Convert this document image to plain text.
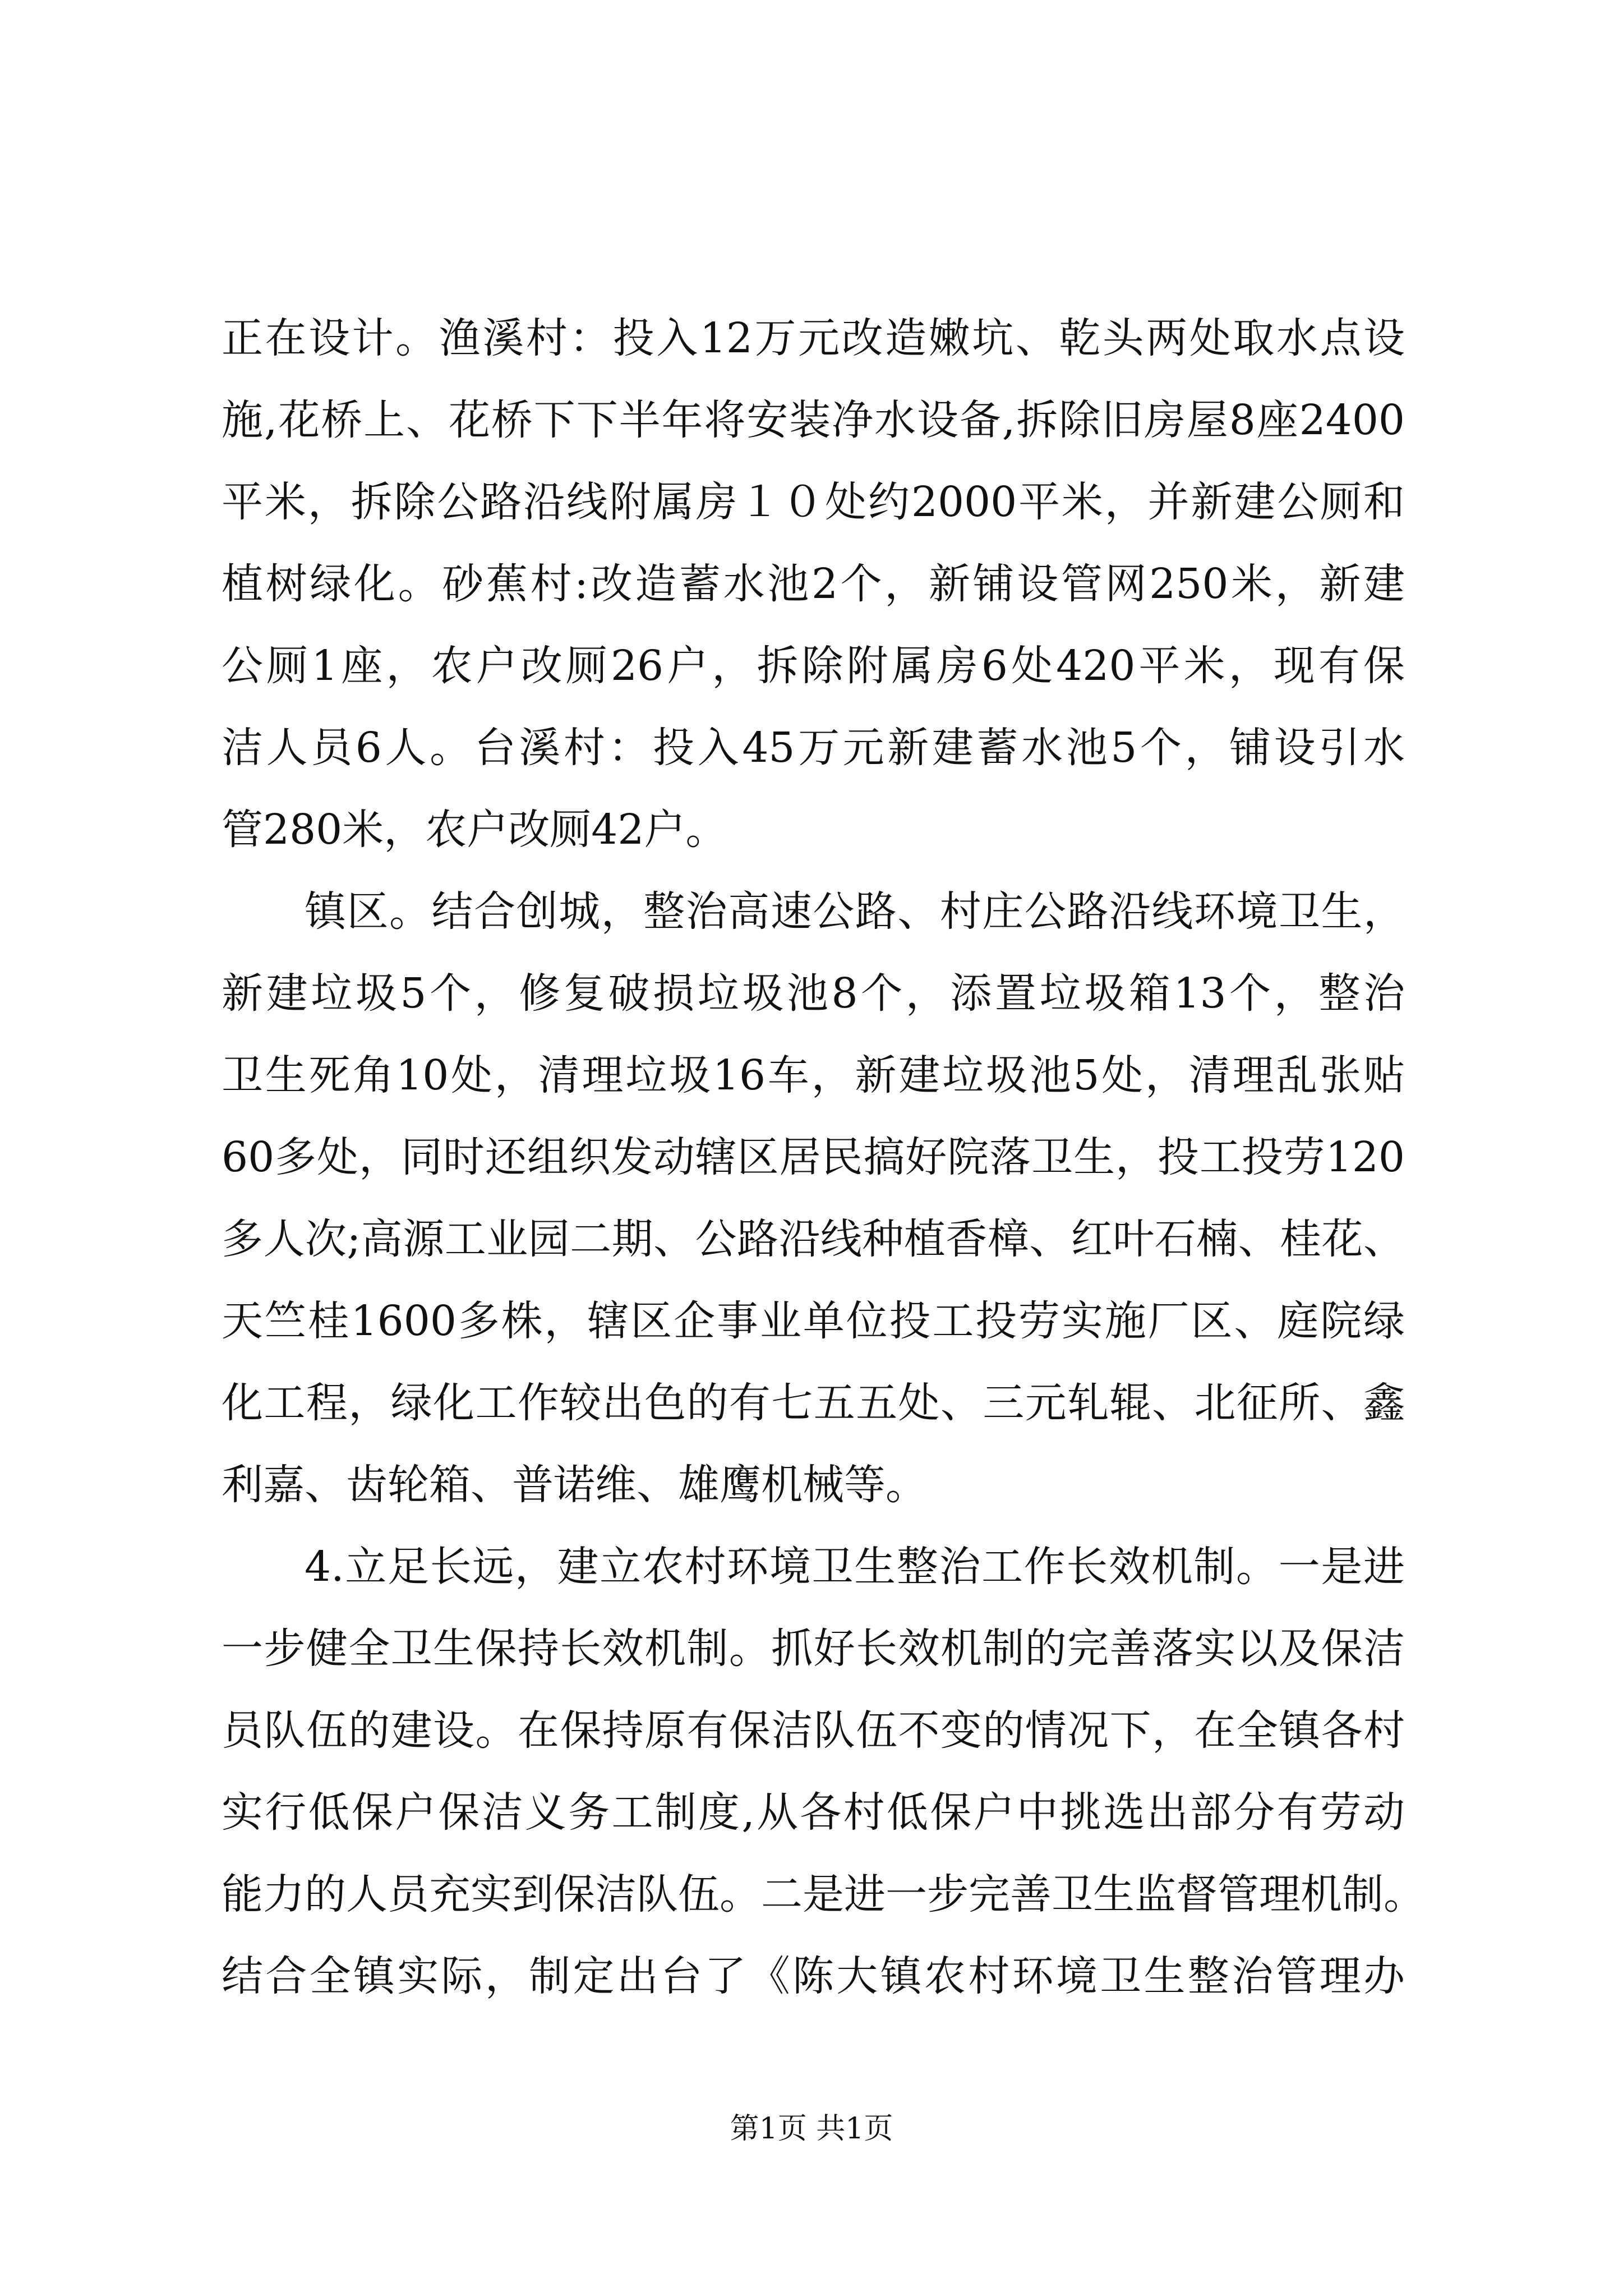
正在设计。渔溪村：投入12万元改造嫩坑、乾头两处取水点设
施,花桥上、花桥下下半年将安装净水设备,拆除旧房屋8座2400
平米，拆除公路沿线附属房１０处约2000平米，并新建公厕和
植树绿化。砂蕉村:改造蓄水池2个，新铺设管网250米，新建
公厕1座，农户改厕26户，拆除附属房6处420平米，现有保
洁人员6人。台溪村：投入45万元新建蓄水池5个，铺设引水
管280米，农户改厕42户。
镇区。结合创城，整治高速公路、村庄公路沿线环境卫生，
新建垃圾5个，修复破损垃圾池8个，添置垃圾箱13个，整治
卫生死角10处，清理垃圾16车，新建垃圾池5处，清理乱张贴
60多处，同时还组织发动辖区居民搞好院落卫生，投工投劳120
多人次;高源工业园二期、公路沿线种植香樟、红叶石楠、桂花、
天竺桂1600多株，辖区企事业单位投工投劳实施厂区、庭院绿
化工程，绿化工作较出色的有七五五处、三元轧辊、北征所、鑫
利嘉、齿轮箱、普诺维、雄鹰机械等。
4.立足长远，建立农村环境卫生整治工作长效机制。一是进
一步健全卫生保持长效机制。抓好长效机制的完善落实以及保洁
员队伍的建设。在保持原有保洁队伍不变的情况下，在全镇各村
实行低保户保洁义务工制度,从各村低保户中挑选出部分有劳动
能力的人员充实到保洁队伍。二是进一步完善卫生监督管理机制。
结合全镇实际，制定出台了《陈大镇农村环境卫生整治管理办
第1页 共1页
